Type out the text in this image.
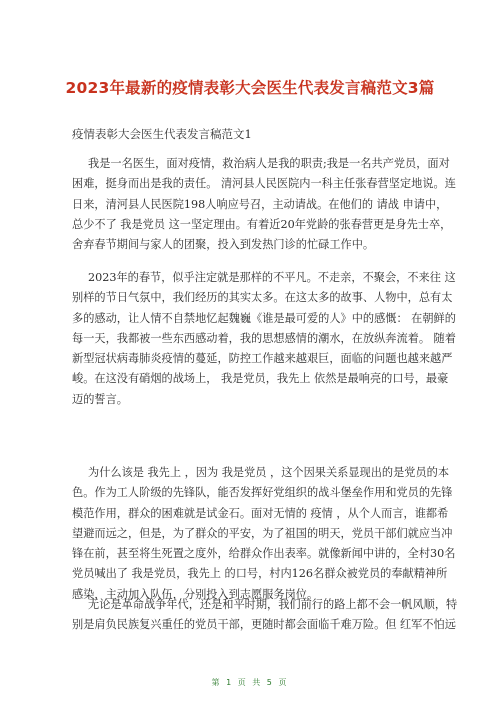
2023年最新的疫情表彰大会医生代表发言稿范文3篇
疫情表彰大会医生代表发言稿范文1
我是一名医生，面对疫情，救治病人是我的职责;我是一名共产党员，面对
困难，挺身而出是我的责任。 清河县人民医院内一科主任张春营坚定地说。连
日来，清河县人民医院198人响应号召，主动请战。在他们的 请战 申请中，
总少不了 我是党员 这一坚定理由。有着近20年党龄的张春营更是身先士卒，
舍弃春节期间与家人的团聚，投入到发热门诊的忙碌工作中。
2023年的春节，似乎注定就是那样的不平凡。不走亲，不聚会，不来往 这
别样的节日气氛中，我们经历的其实太多。在这太多的故事、人物中，总有太
多的感动，让人情不自禁地忆起魏巍《谁是最可爱的人》中的感慨： 在朝鲜的
每一天，我都被一些东西感动着，我的思想感情的潮水，在放纵奔流着。 随着
新型冠状病毒肺炎疫情的蔓延，防控工作越来越艰巨，面临的问题也越来越严
峻。在这没有硝烟的战场上， 我是党员，我先上 依然是最响亮的口号，最豪
迈的誓言。
为什么该是 我先上 ，因为 我是党员 ，这个因果关系显现出的是党员的本
色。作为工人阶级的先锋队，能否发挥好党组织的战斗堡垒作用和党员的先锋
模范作用，群众的困难就是试金石。面对无情的 疫情 ，从个人而言，谁都希
望避而远之，但是，为了群众的平安，为了祖国的明天，党员干部们就应当冲
锋在前，甚至将生死置之度外，给群众作出表率。就像新闻中讲的，全村30名
党员喊出了 我是党员，我先上 的口号，村内126名群众被党员的奉献精神所
感染，主动加入队伍，分别投入到志愿服务岗位。
无论是革命战争年代，还是和平时期，我们前行的路上都不会一帆风顺，特
别是肩负民族复兴重任的党员干部，更随时都会面临千难万险。但 红军不怕远
第 1 页 共 5 页
